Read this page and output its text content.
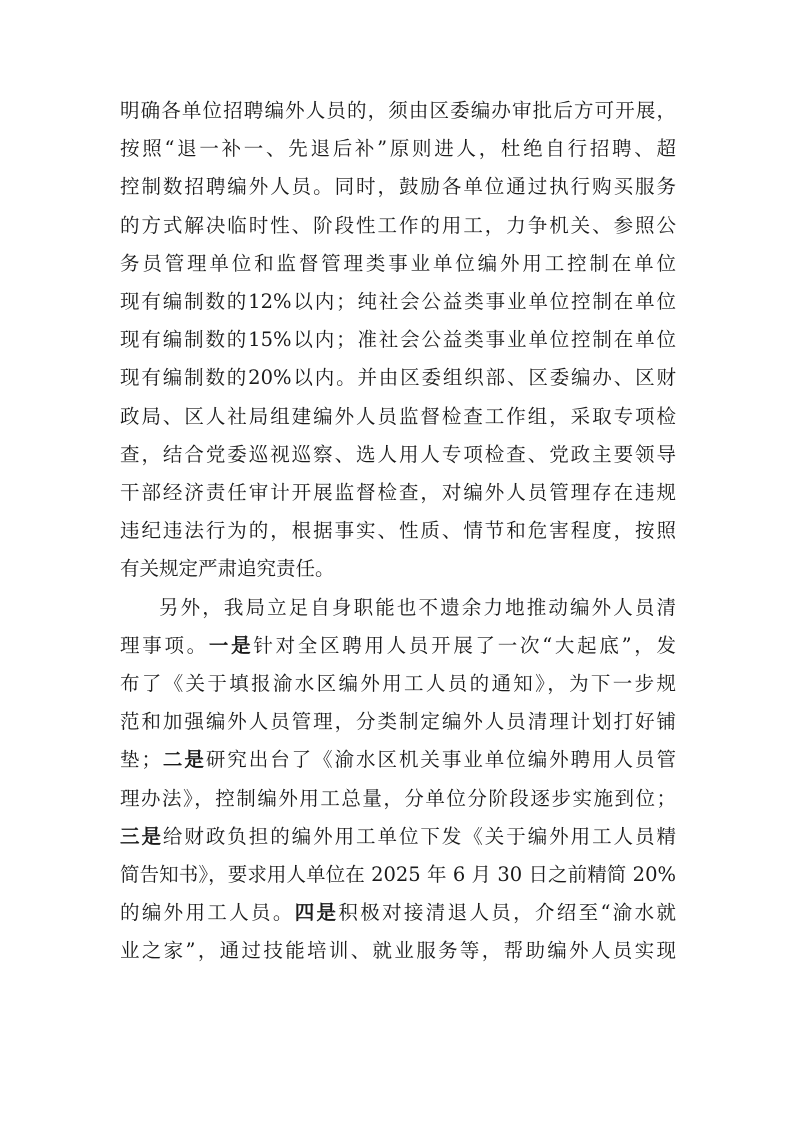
明确各单位招聘编外人员的，须由区委编办审批后方可开展，
按照“退一补一、先退后补”原则进人，杜绝自行招聘、超
控制数招聘编外人员。同时，鼓励各单位通过执行购买服务
的方式解决临时性、阶段性工作的用工，力争机关、参照公
务员管理单位和监督管理类事业单位编外用工控制在单位
现有编制数的12%以内；纯社会公益类事业单位控制在单位
现有编制数的15%以内；准社会公益类事业单位控制在单位
现有编制数的20%以内。并由区委组织部、区委编办、区财
政局、区人社局组建编外人员监督检查工作组，采取专项检
查，结合党委巡视巡察、选人用人专项检查、党政主要领导
干部经济责任审计开展监督检查，对编外人员管理存在违规
违纪违法行为的，根据事实、性质、情节和危害程度，按照
有关规定严肃追究责任。
另外，我局立足自身职能也不遗余力地推动编外人员清
理事项。一是针对全区聘用人员开展了一次“大起底”，发
布了《关于填报渝水区编外用工人员的通知》，为下一步规
范和加强编外人员管理，分类制定编外人员清理计划打好铺
垫；二是研究出台了《渝水区机关事业单位编外聘用人员管
理办法》，控制编外用工总量，分单位分阶段逐步实施到位；
三是给财政负担的编外用工单位下发《关于编外用工人员精
简告知书》，要求用人单位在 2025 年 6 月 30 日之前精简 20%
的编外用工人员。四是积极对接清退人员，介绍至“渝水就
业之家”，通过技能培训、就业服务等，帮助编外人员实现
